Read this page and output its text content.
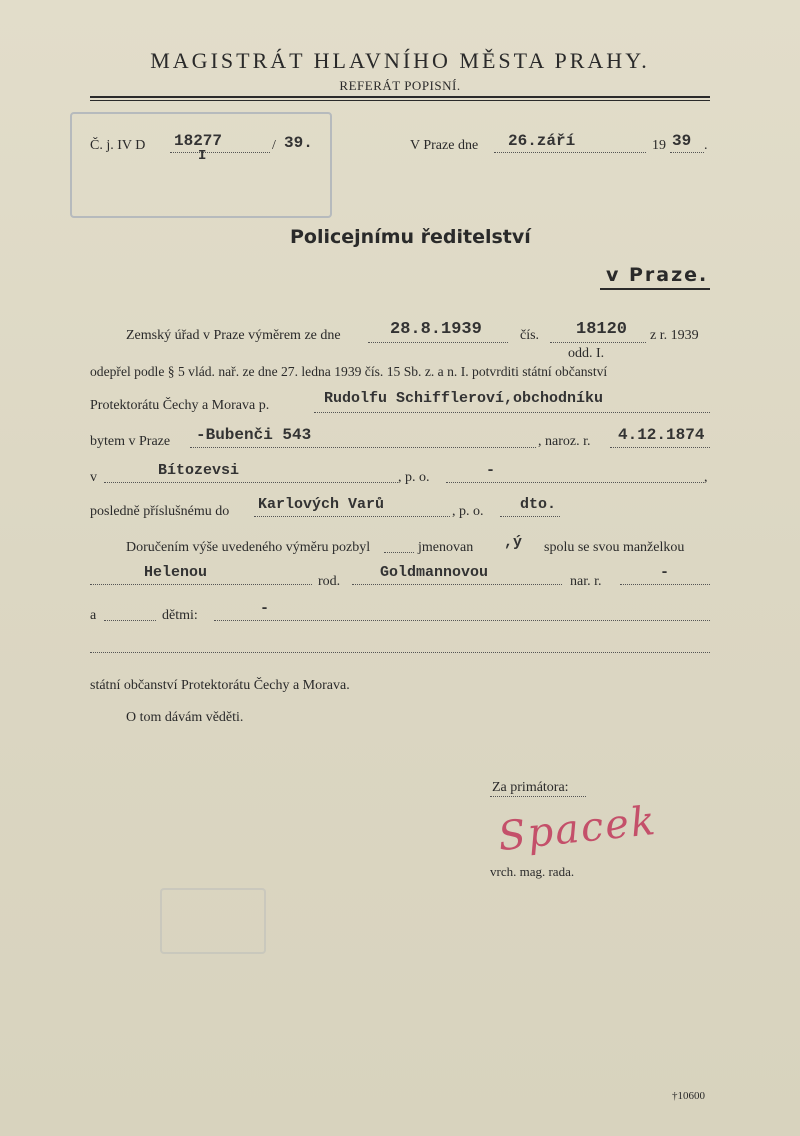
MAGISTRÁT HLAVNÍHO MĚSTA PRAHY.
REFERÁT POPISNÍ.
Č. j. IV D 18277
I
/ 39.	V Praze dne 26.září	19 39 .
Policejnímu ředitelství
v Praze.
Zemský úřad v Praze výměrem ze dne	28.8.1939	čís. 18120 z r. 1939
odd. I.
odepřel podle § 5 vlád. nař. ze dne 27. ledna 1939 čís. 15 Sb. z. a n. I. potvrditi státní občanství
Protektorátu Čechy a Morava p.	Rudolfu Schiffleroví,obchodníku
bytem v Praze -Bubenči 543	, naroz. r. 4.12.1874
v	Bítozevsi	, p. o.	-	,
posledně příslušnému do Karlových Varů	, p. o. dto.
Doručením výše uvedeného výměru pozbyl	jmenovan ,ý spolu se svou manželkou
Helenou
rod.
Goldmannovou
nar. r.
-
a	dětmi:	-
státní občanství Protektorátu Čechy a Morava.
O tom dávám věděti.
Za primátora:
Spacek
vrch. mag. rada.
†10600
